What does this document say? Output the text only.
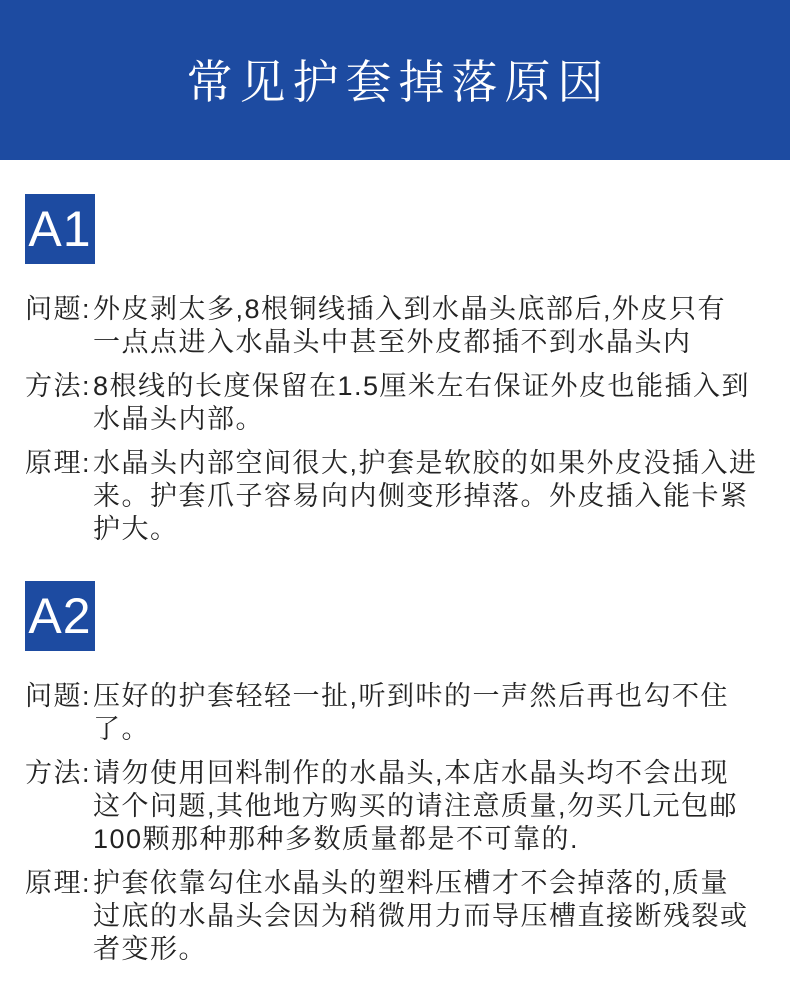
常见护套掉落原因
A1
问题: 外皮剥太多,8根铜线插入到水晶头底部后,外皮只有
一点点进入水晶头中甚至外皮都插不到水晶头内
方法: 8根线的长度保留在1.5厘米左右保证外皮也能插入到
水晶头内部。
原理: 水晶头内部空间很大,护套是软胶的如果外皮没插入进
来。护套爪子容易向内侧变形掉落。外皮插入能卡紧
护大。
A2
问题: 压好的护套轻轻一扯,听到咔的一声然后再也勾不住
了。
方法: 请勿使用回料制作的水晶头,本店水晶头均不会出现
这个问题,其他地方购买的请注意质量,勿买几元包邮
100颗那种那种多数质量都是不可靠的.
原理: 护套依靠勾住水晶头的塑料压槽才不会掉落的,质量
过底的水晶头会因为稍微用力而导压槽直接断残裂或
者变形。
